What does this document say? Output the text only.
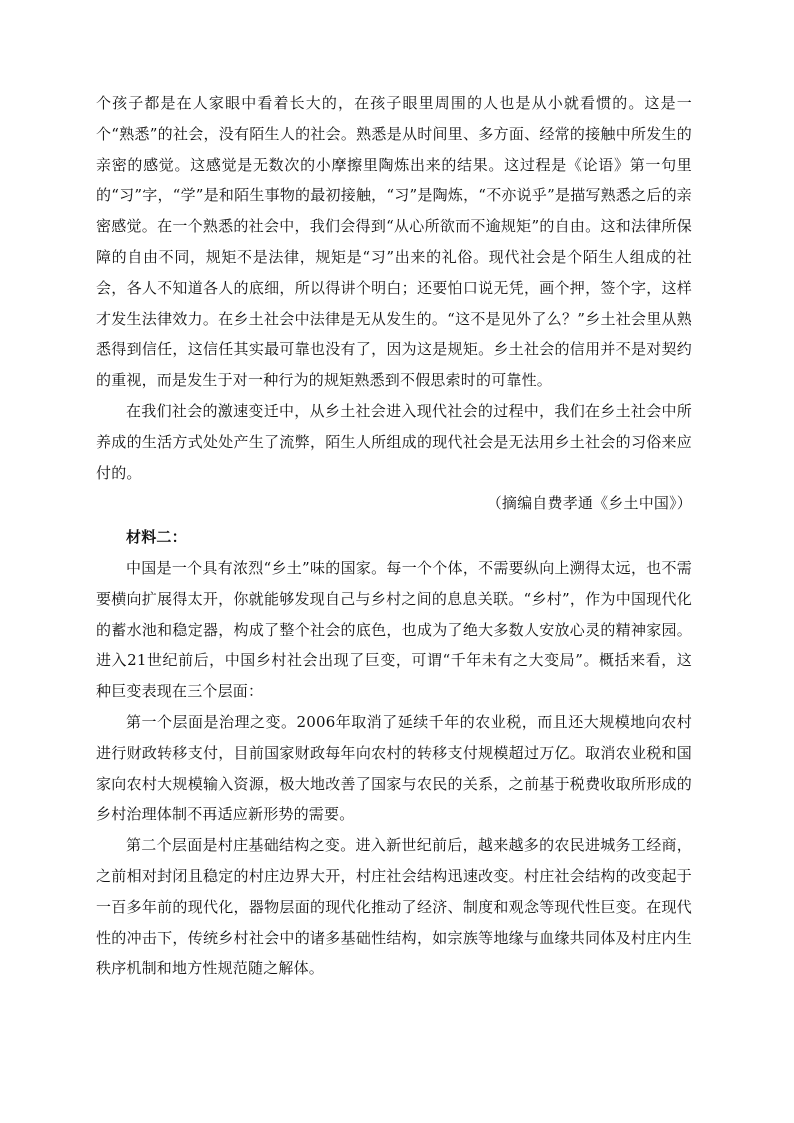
个孩子都是在人家眼中看着长大的，在孩子眼里周围的人也是从小就看惯的。这是一个“熟悉”的社会，没有陌生人的社会。熟悉是从时间里、多方面、经常的接触中所发生的亲密的感觉。这感觉是无数次的小摩擦里陶炼出来的结果。这过程是《论语》第一句里的“习”字，“学”是和陌生事物的最初接触，“习”是陶炼，“不亦说乎”是描写熟悉之后的亲密感觉。在一个熟悉的社会中，我们会得到“从心所欲而不逾规矩”的自由。这和法律所保障的自由不同，规矩不是法律，规矩是“习”出来的礼俗。现代社会是个陌生人组成的社会，各人不知道各人的底细，所以得讲个明白；还要怕口说无凭，画个押，签个字，这样才发生法律效力。在乡土社会中法律是无从发生的。“这不是见外了么？”乡土社会里从熟悉得到信任，这信任其实最可靠也没有了，因为这是规矩。乡土社会的信用并不是对契约的重视，而是发生于对一种行为的规矩熟悉到不假思索时的可靠性。

在我们社会的激速变迁中，从乡土社会进入现代社会的过程中，我们在乡土社会中所养成的生活方式处处产生了流弊，陌生人所组成的现代社会是无法用乡土社会的习俗来应付的。

（摘编自费孝通《乡土中国》）

材料二：

中国是一个具有浓烈“乡土”味的国家。每一个个体，不需要纵向上溯得太远，也不需要横向扩展得太开，你就能够发现自己与乡村之间的息息关联。“乡村”，作为中国现代化的蓄水池和稳定器，构成了整个社会的底色，也成为了绝大多数人安放心灵的精神家园。进入21世纪前后，中国乡村社会出现了巨变，可谓“千年未有之大变局”。概括来看，这种巨变表现在三个层面：

第一个层面是治理之变。2006年取消了延续千年的农业税，而且还大规模地向农村进行财政转移支付，目前国家财政每年向农村的转移支付规模超过万亿。取消农业税和国家向农村大规模输入资源，极大地改善了国家与农民的关系，之前基于税费收取所形成的乡村治理体制不再适应新形势的需要。

第二个层面是村庄基础结构之变。进入新世纪前后，越来越多的农民进城务工经商，之前相对封闭且稳定的村庄边界大开，村庄社会结构迅速改变。村庄社会结构的改变起于一百多年前的现代化，器物层面的现代化推动了经济、制度和观念等现代性巨变。在现代性的冲击下，传统乡村社会中的诸多基础性结构，如宗族等地缘与血缘共同体及村庄内生秩序机制和地方性规范随之解体。
